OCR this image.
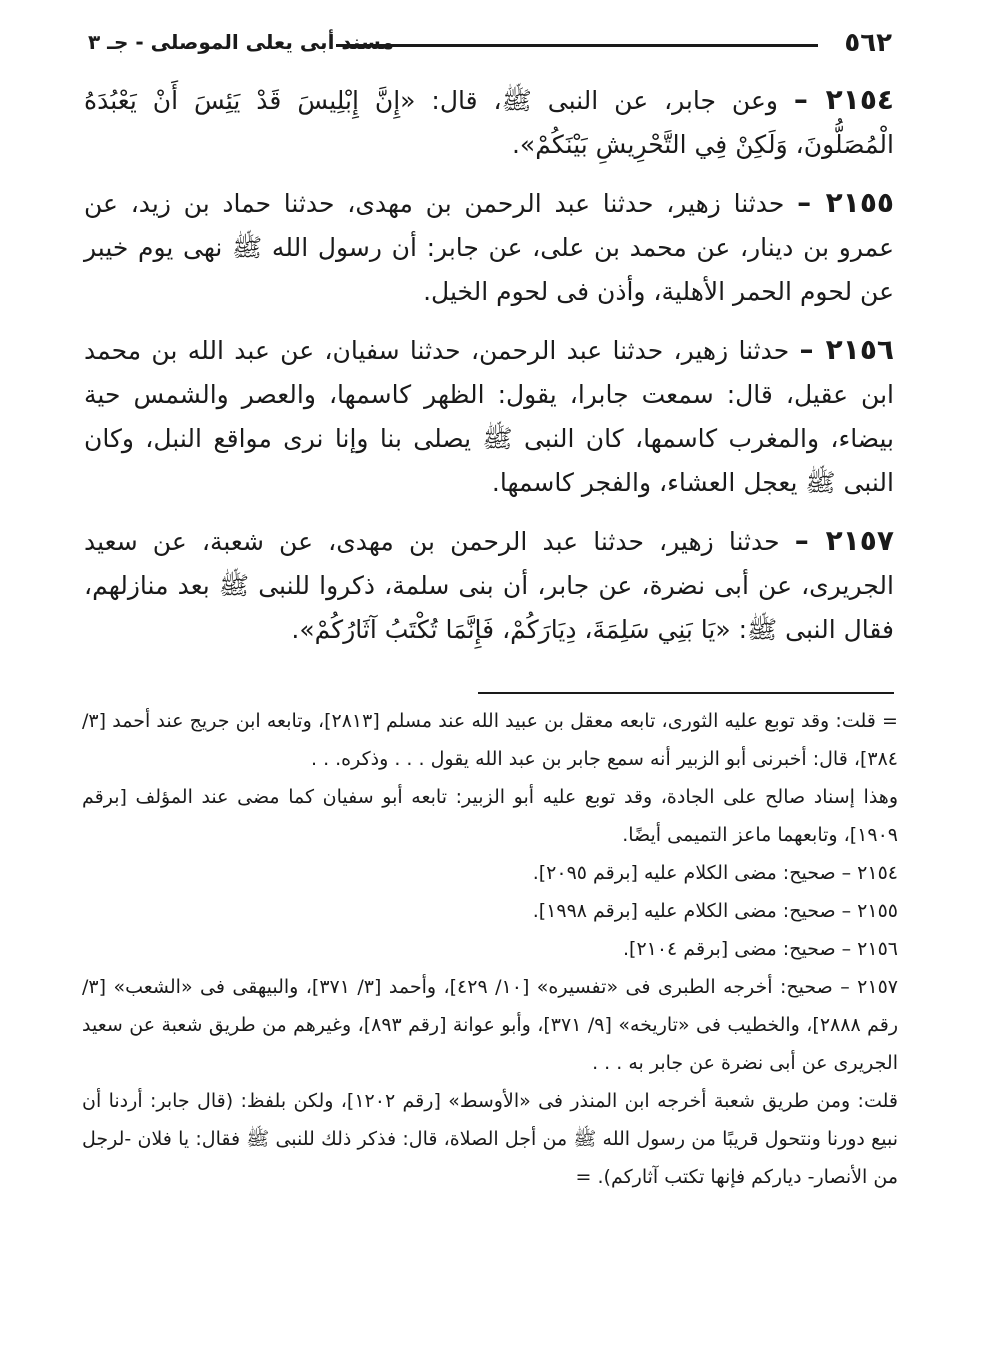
٥٦٢
مسند أبى يعلى الموصلى - جـ ٣

٢١٥٤ – وعن جابر، عن النبى ﷺ، قال: «إِنَّ إِبْلِيسَ قَدْ يَئِسَ أَنْ يَعْبُدَهُ الْمُصَلُّونَ، وَلَكِنْ فِي التَّحْرِيشِ بَيْنَكُمْ».

٢١٥٥ – حدثنا زهير، حدثنا عبد الرحمن بن مهدى، حدثنا حماد بن زيد، عن عمرو بن دينار، عن محمد بن على، عن جابر: أن رسول الله ﷺ نهى يوم خيبر عن لحوم الحمر الأهلية، وأذن فى لحوم الخيل.

٢١٥٦ – حدثنا زهير، حدثنا عبد الرحمن، حدثنا سفيان، عن عبد الله بن محمد ابن عقيل، قال: سمعت جابرا، يقول: الظهر كاسمها، والعصر والشمس حية بيضاء، والمغرب كاسمها، كان النبى ﷺ يصلى بنا وإنا نرى مواقع النبل، وكان النبى ﷺ يعجل العشاء، والفجر كاسمها.

٢١٥٧ – حدثنا زهير، حدثنا عبد الرحمن بن مهدى، عن شعبة، عن سعيد الجريرى، عن أبى نضرة، عن جابر، أن بنى سلمة، ذكروا للنبى ﷺ بعد منازلهم، فقال النبى ﷺ: «يَا بَنِي سَلِمَةَ، دِيَارَكُمْ، فَإِنَّمَا تُكْتَبُ آثَارُكُمْ».

= قلت: وقد توبع عليه الثورى، تابعه معقل بن عبيد الله عند مسلم [٢٨١٣]، وتابعه ابن جريج عند أحمد [٣/ ٣٨٤]، قال: أخبرنى أبو الزبير أنه سمع جابر بن عبد الله يقول . . . وذكره. . .

وهذا إسناد صالح على الجادة، وقد توبع عليه أبو الزبير: تابعه أبو سفيان كما مضى عند المؤلف [برقم ١٩٠٩]، وتابعهما ماعز التميمى أيضًا.

٢١٥٤ – صحيح: مضى الكلام عليه [برقم ٢٠٩٥].

٢١٥٥ – صحيح: مضى الكلام عليه [برقم ١٩٩٨].

٢١٥٦ – صحيح: مضى [برقم ٢١٠٤].

٢١٥٧ – صحيح: أخرجه الطبرى فى «تفسيره» [١٠/ ٤٢٩]، وأحمد [٣/ ٣٧١]، والبيهقى فى «الشعب» [٣/ رقم ٢٨٨٨]، والخطيب فى «تاريخه» [٩/ ٣٧١]، وأبو عوانة [رقم ٨٩٣]، وغيرهم من طريق شعبة عن سعيد الجريرى عن أبى نضرة عن جابر به . . .

قلت: ومن طريق شعبة أخرجه ابن المنذر فى «الأوسط» [رقم ١٢٠٢]، ولكن بلفظ: (قال جابر: أردنا أن نبيع دورنا ونتحول قريبًا من رسول الله ﷺ من أجل الصلاة، قال: فذكر ذلك للنبى ﷺ فقال: يا فلان -لرجل من الأنصار- دياركم فإنها تكتب آثاركم). =
